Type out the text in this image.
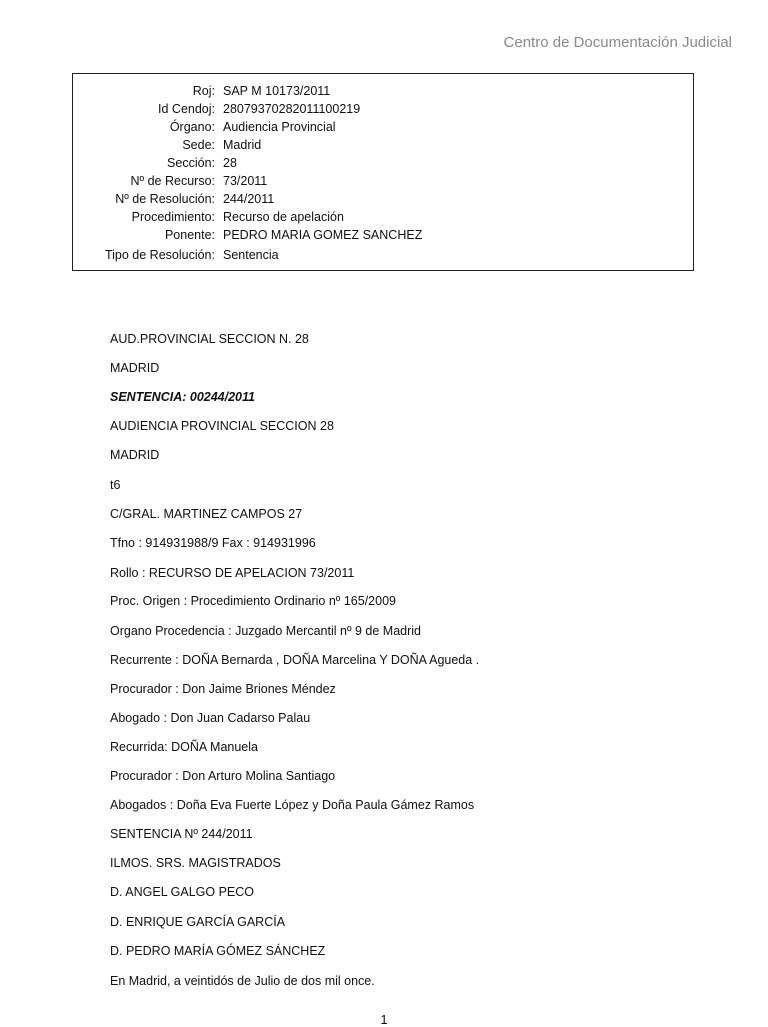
Centro de Documentación Judicial
Roj: SAP M 10173/2011
Id Cendoj: 28079370282011100219
Órgano: Audiencia Provincial
Sede: Madrid
Sección: 28
Nº de Recurso: 73/2011
Nº de Resolución: 244/2011
Procedimiento: Recurso de apelación
Ponente: PEDRO MARIA GOMEZ SANCHEZ
Tipo de Resolución: Sentencia
AUD.PROVINCIAL SECCION N. 28
MADRID
SENTENCIA: 00244/2011
AUDIENCIA PROVINCIAL SECCION 28
MADRID
t6
C/GRAL. MARTINEZ CAMPOS 27
Tfno : 914931988/9 Fax : 914931996
Rollo : RECURSO DE APELACION 73/2011
Proc. Origen : Procedimiento Ordinario nº 165/2009
Organo Procedencia : Juzgado Mercantil nº 9 de Madrid
Recurrente : DOÑA Bernarda , DOÑA Marcelina Y DOÑA Agueda .
Procurador : Don Jaime Briones Méndez
Abogado : Don Juan Cadarso Palau
Recurrida: DOÑA Manuela
Procurador : Don Arturo Molina Santiago
Abogados : Doña Eva Fuerte López y Doña Paula Gámez Ramos
SENTENCIA Nº 244/2011
ILMOS. SRS. MAGISTRADOS
D. ANGEL GALGO PECO
D. ENRIQUE GARCÍA GARCÍA
D. PEDRO MARÍA GÓMEZ SÁNCHEZ
En Madrid, a veintidós de Julio de dos mil once.
1
